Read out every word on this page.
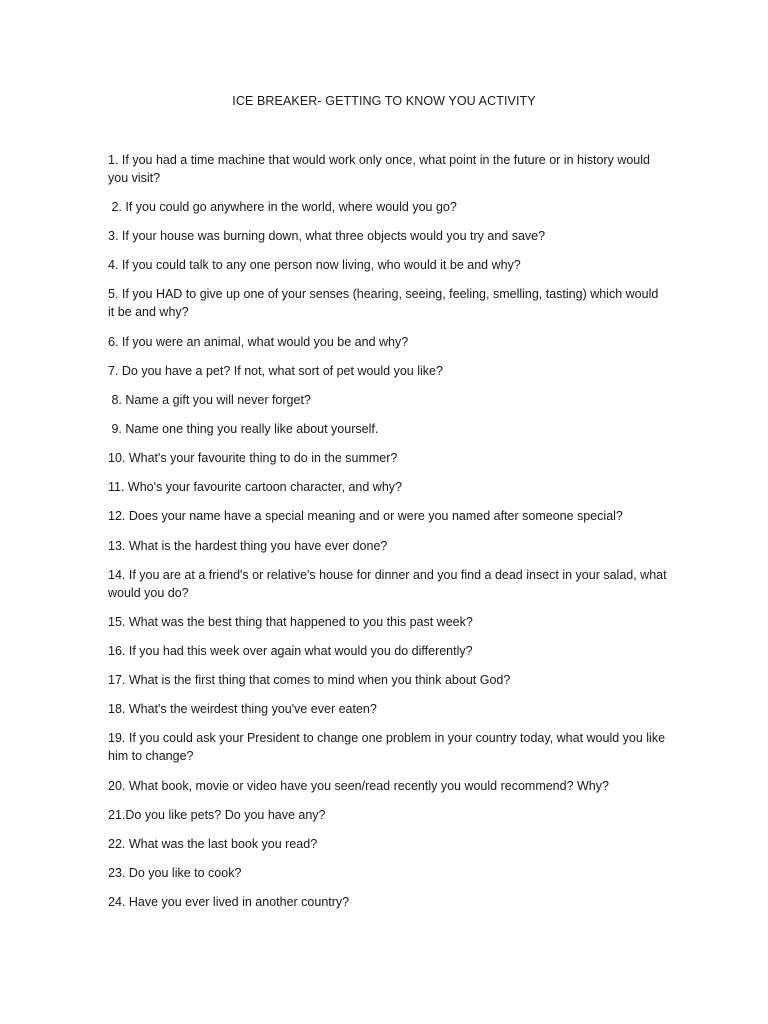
ICE BREAKER- GETTING TO KNOW YOU ACTIVITY
1. If you had a time machine that would work only once, what point in the future or in history would you visit?
2. If you could go anywhere in the world, where would you go?
3. If your house was burning down, what three objects would you try and save?
4. If you could talk to any one person now living, who would it be and why?
5. If you HAD to give up one of your senses (hearing, seeing, feeling, smelling, tasting) which would it be and why?
6. If you were an animal, what would you be and why?
7. Do you have a pet? If not, what sort of pet would you like?
8. Name a gift you will never forget?
9. Name one thing you really like about yourself.
10. What's your favourite thing to do in the summer?
11. Who's your favourite cartoon character, and why?
12. Does your name have a special meaning and or were you named after someone special?
13. What is the hardest thing you have ever done?
14. If you are at a friend's or relative's house for dinner and you find a dead insect in your salad, what would you do?
15. What was the best thing that happened to you this past week?
16. If you had this week over again what would you do differently?
17. What is the first thing that comes to mind when you think about God?
18. What's the weirdest thing you've ever eaten?
19. If you could ask your President to change one problem in your country today, what would you like him to change?
20. What book, movie or video have you seen/read recently you would recommend? Why?
21.Do you like pets? Do you have any?
22. What was the last book you read?
23. Do you like to cook?
24. Have you ever lived in another country?
